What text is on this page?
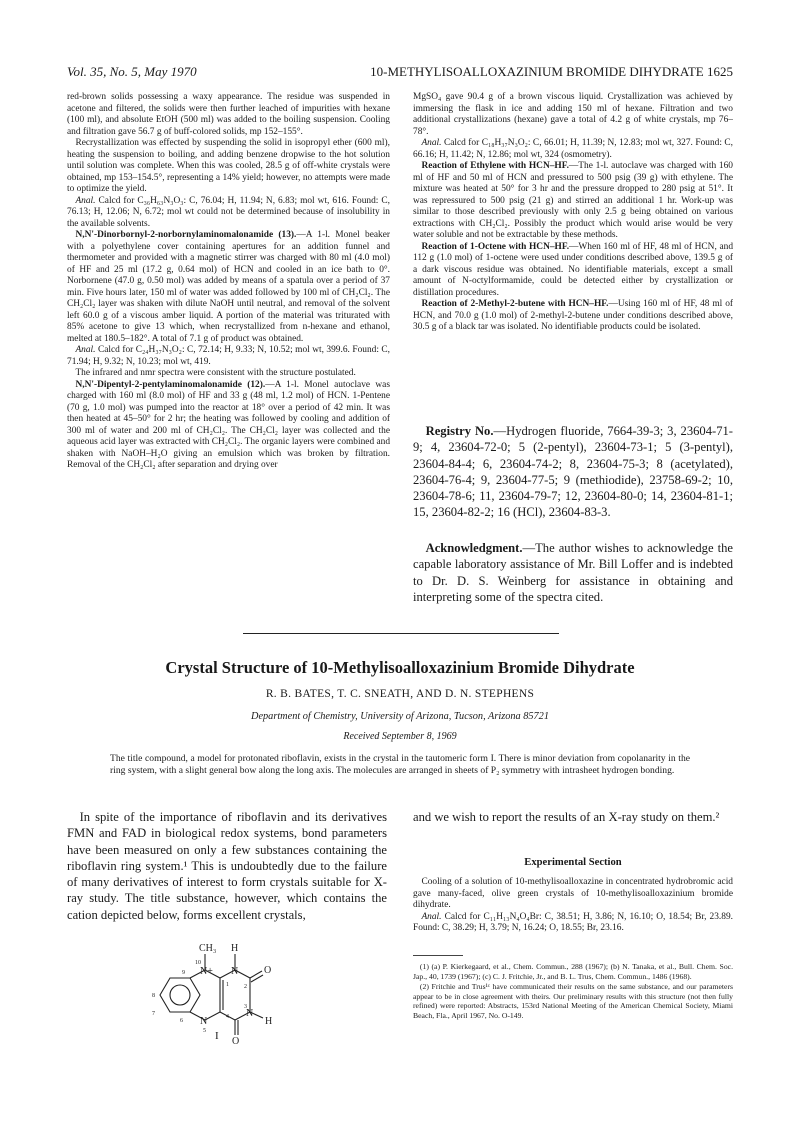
Vol. 35, No. 5, May 1970	10-METHYLISOALLOXAZINIUM BROMIDE DIHYDRATE 1625

red-brown solids possessing a waxy appearance. The residue was suspended in acetone and filtered, the solids were then further leached of impurities with hexane (100 ml), and absolute EtOH (500 ml) was added to the boiling suspension. Cooling and filtration gave 56.7 g of buff-colored solids, mp 152–155°.

Recrystallization was effected by suspending the solid in isopropyl ether (600 ml), heating the suspension to boiling, and adding benzene dropwise to the hot solution until solution was complete. When this was cooled, 28.5 g of off-white crystals were obtained, mp 153–154.5°, representing a 14% yield; however, no attempts were made to optimize the yield.

Anal. Calcd for C₃₆H₆₃N₃O₃: C, 76.04; H, 11.94; N, 6.83; mol wt, 616. Found: C, 76.13; H, 12.06; N, 6.72; mol wt could not be determined because of insolubility in the available solvents.

N,N'-Dinorbornyl-2-norbornylaminomalonamide (13).—A 1-l. Monel beaker with a polyethylene cover containing apertures for an addition funnel and thermometer and provided with a magnetic stirrer was charged with 80 ml (4.0 mol) of HF and 25 ml (17.2 g, 0.64 mol) of HCN and cooled in an ice bath to 0°. Norbornene (47.0 g, 0.50 mol) was added by means of a spatula over a period of 37 min. Five hours later, 150 ml of water was added followed by 100 ml of CH₂Cl₂. The CH₂Cl₂ layer was shaken with dilute NaOH until neutral, and removal of the solvent left 60.0 g of a viscous amber liquid. A portion of the material was triturated with 85% acetone to give 13 which, when recrystallized from n-hexane and ethanol, melted at 180.5–182°. A total of 7.1 g of product was obtained.

Anal. Calcd for C₂₄H₃₇N₃O₂: C, 72.14; H, 9.33; N, 10.52; mol wt, 399.6. Found: C, 71.94; H, 9.32; N, 10.23; mol wt, 419.

The infrared and nmr spectra were consistent with the structure postulated.

N,N'-Dipentyl-2-pentylaminomalonamide (12).—A 1-l. Monel autoclave was charged with 160 ml (8.0 mol) of HF and 33 g (48 ml, 1.2 mol) of HCN. 1-Pentene (70 g, 1.0 mol) was pumped into the reactor at 18° over a period of 42 min. It was then heated at 45–50° for 2 hr; the heating was followed by cooling and addition of 300 ml of water and 200 ml of CH₂Cl₂. The CH₂Cl₂ layer was collected and the aqueous acid layer was extracted with CH₂Cl₂. The organic layers were combined and shaken with NaOH–H₂O giving an emulsion which was broken by filtration. Removal of the CH₂Cl₂ after separation and drying over

MgSO₄ gave 90.4 g of a brown viscous liquid. Crystallization was achieved by immersing the flask in ice and adding 150 ml of hexane. Filtration and two additional crystallizations (hexane) gave a total of 4.2 g of white crystals, mp 76–78°.

Anal. Calcd for C₁₈H₃₇N₃O₂: C, 66.01; H, 11.39; N, 12.83; mol wt, 327. Found: C, 66.16; H, 11.42; N, 12.86; mol wt, 324 (osmometry).

Reaction of Ethylene with HCN–HF.—The 1-l. autoclave was charged with 160 ml of HF and 50 ml of HCN and pressured to 500 psig (39 g) with ethylene. The mixture was heated at 50° for 3 hr and the pressure dropped to 280 psig at 51°. It was repressured to 500 psig (21 g) and stirred an additional 1 hr. Work-up was similar to those described previously with only 2.5 g being obtained on various extractions with CH₂Cl₂. Possibly the product which would arise would be very water soluble and not be extractable by these methods.

Reaction of 1-Octene with HCN–HF.—When 160 ml of HF, 48 ml of HCN, and 112 g (1.0 mol) of 1-octene were used under conditions described above, 139.5 g of a dark viscous residue was obtained. No identifiable materials, except a small amount of N-octylformamide, could be detected either by crystallization or distillation procedures.

Reaction of 2-Methyl-2-butene with HCN–HF.—Using 160 ml of HF, 48 ml of HCN, and 70.0 g (1.0 mol) of 2-methyl-2-butene under conditions described above, 30.5 g of a black tar was isolated. No identifiable products could be isolated.

Registry No.—Hydrogen fluoride, 7664-39-3; 3, 23604-71-9; 4, 23604-72-0; 5 (2-pentyl), 23604-73-1; 5 (3-pentyl), 23604-84-4; 6, 23604-74-2; 8, 23604-75-3; 8 (acetylated), 23604-76-4; 9, 23604-77-5; 9 (methiodide), 23758-69-2; 10, 23604-78-6; 11, 23604-79-7; 12, 23604-80-0; 14, 23604-81-1; 15, 23604-82-2; 16 (HCl), 23604-83-3.

Acknowledgment.—The author wishes to acknowledge the capable laboratory assistance of Mr. Bill Loffer and is indebted to Dr. D. S. Weinberg for assistance in obtaining and interpreting some of the spectra cited.

Crystal Structure of 10-Methylisoalloxazinium Bromide Dihydrate
R. B. BATES, T. C. SNEATH, AND D. N. STEPHENS
Department of Chemistry, University of Arizona, Tucson, Arizona 85721
Received September 8, 1969
The title compound, a model for protonated riboflavin, exists in the crystal in the tautomeric form I. There is minor deviation from copolanarity in the ring system, with a slight general bow along the long axis. The molecules are arranged in sheets of P₂ symmetry with intrasheet hydrogen bonding.

In spite of the importance of riboflavin and its derivatives FMN and FAD in biological redox systems, bond parameters have been measured on only a few substances containing the riboflavin ring system.¹ This is undoubtedly due to the failure of many derivatives of interest to form crystals suitable for X-ray study. The title substance, however, which contains the cation depicted below, forms excellent crystals,

and we wish to report the results of an X-ray study on them.²

Experimental Section

Cooling of a solution of 10-methylisoalloxazine in concentrated hydrobromic acid gave many-faced, olive green crystals of 10-methylisoalloxazinium bromide dihydrate.

Anal. Calcd for C₁₁H₁₃N₄O₄Br: C, 38.51; H, 3.86; N, 16.10; O, 18.54; Br, 23.89. Found: C, 38.29; H, 3.79; N, 16.24; O, 18.55; Br, 23.16.

CH₃ H
N+ N	O
N
N
H
O
10
9
8
7
6
5
4
3
2
1
I

(1) (a) P. Kierkegaard, et al., Chem. Commun., 288 (1967); (b) N. Tanaka, et al., Bull. Chem. Soc. Jap., 40, 1739 (1967); (c) C. J. Fritchie, Jr., and B. L. Trus, Chem. Commun., 1486 (1968).

(2) Fritchie and Trus¹ᶜ have communicated their results on the same substance, and our parameters appear to be in close agreement with theirs. Our preliminary results with this structure (not then fully refined) were reported: Abstracts, 153rd National Meeting of the American Chemical Society, Miami Beach, Fla., April 1967, No. O-149.
